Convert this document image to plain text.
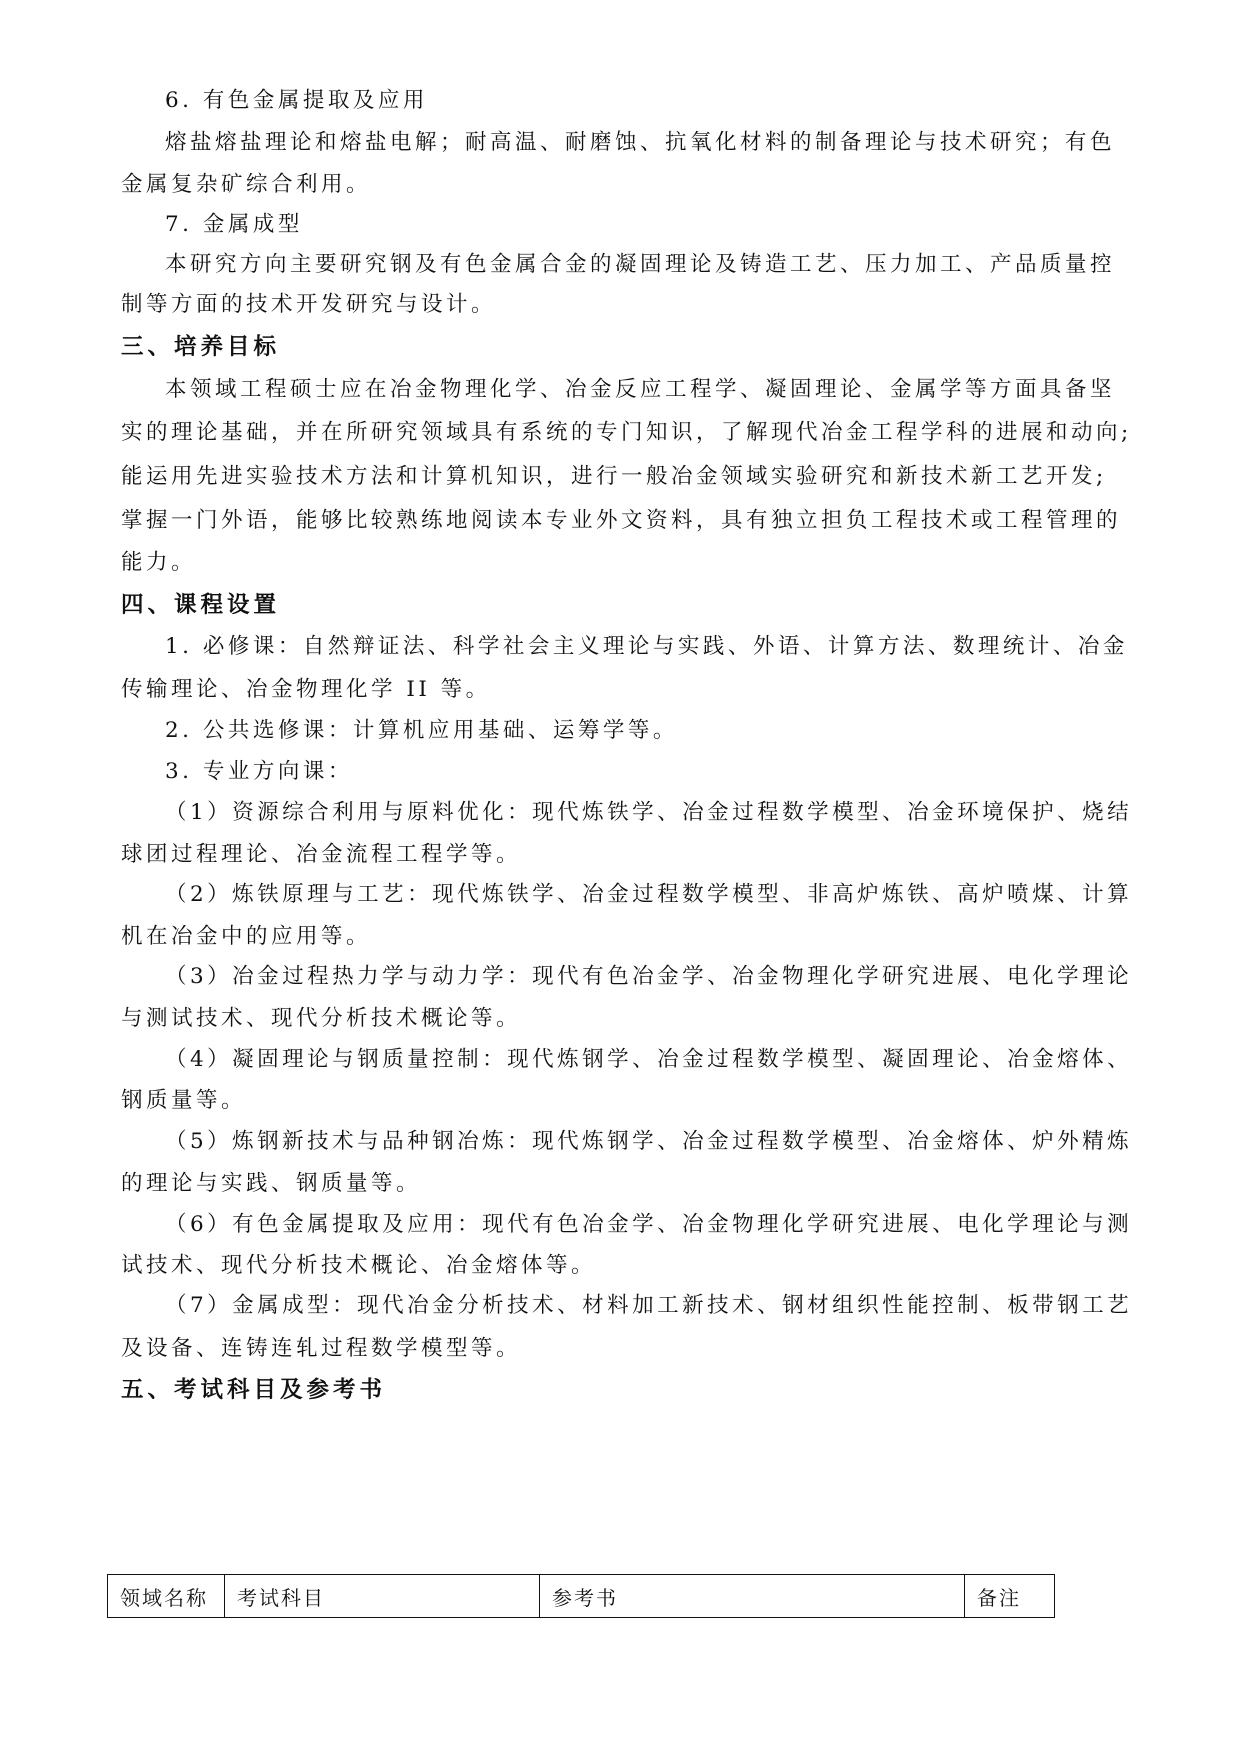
6. 有色金属提取及应用
熔盐熔盐理论和熔盐电解；耐高温、耐磨蚀、抗氧化材料的制备理论与技术研究；有色
金属复杂矿综合利用。
7. 金属成型
本研究方向主要研究钢及有色金属合金的凝固理论及铸造工艺、压力加工、产品质量控
制等方面的技术开发研究与设计。
三、培养目标
本领域工程硕士应在冶金物理化学、冶金反应工程学、凝固理论、金属学等方面具备坚
实的理论基础，并在所研究领域具有系统的专门知识，了解现代冶金工程学科的进展和动向;
能运用先进实验技术方法和计算机知识，进行一般冶金领域实验研究和新技术新工艺开发;
掌握一门外语，能够比较熟练地阅读本专业外文资料，具有独立担负工程技术或工程管理的
能力。
四、课程设置
1. 必修课：自然辩证法、科学社会主义理论与实践、外语、计算方法、数理统计、冶金
传输理论、冶金物理化学 II 等。
2. 公共选修课：计算机应用基础、运筹学等。
3. 专业方向课：
（1）资源综合利用与原料优化：现代炼铁学、冶金过程数学模型、冶金环境保护、烧结
球团过程理论、冶金流程工程学等。
（2）炼铁原理与工艺：现代炼铁学、冶金过程数学模型、非高炉炼铁、高炉喷煤、计算
机在冶金中的应用等。
（3）冶金过程热力学与动力学：现代有色冶金学、冶金物理化学研究进展、电化学理论
与测试技术、现代分析技术概论等。
（4）凝固理论与钢质量控制：现代炼钢学、冶金过程数学模型、凝固理论、冶金熔体、
钢质量等。
（5）炼钢新技术与品种钢冶炼：现代炼钢学、冶金过程数学模型、冶金熔体、炉外精炼
的理论与实践、钢质量等。
（6）有色金属提取及应用：现代有色冶金学、冶金物理化学研究进展、电化学理论与测
试技术、现代分析技术概论、冶金熔体等。
（7）金属成型：现代冶金分析技术、材料加工新技术、钢材组织性能控制、板带钢工艺
及设备、连铸连轧过程数学模型等。
五、考试科目及参考书
领域名称	考试科目	参考书	备注
